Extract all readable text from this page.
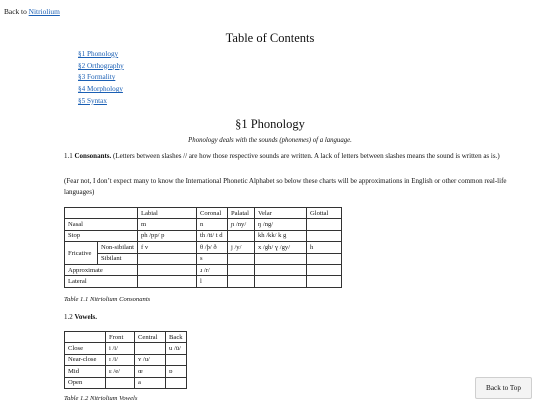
Back to Nitriolium
Table of Contents
§1 Phonology
§2 Orthography
§3 Formality
§4 Morphology
§5 Syntax
§1 Phonology
Phonology deals with the sounds (phonemes) of a language.
1.1 Consonants. (Letters between slashes // are how those respective sounds are written. A lack of letters between slashes means the sound is written as is.)
(Fear not, I don’t expect many to know the International Phonetic Alphabet so below these charts will be approximations in English or other common real-life languages)
		Labial	Coronal	Palatal	Velar	Glottal
Nasal		m	n	ɲ /ny/	ŋ /ng/	
Stop		ph /pp/ p	th /tt/ t d		kh /kk/ k g	
Fricative	Non-sibilant	f v	θ /þ/ ð	j /y/	x /gh/ ɣ /gy/	h
	Sibilant		s			
Approximate			ɹ /r/			
Lateral			l			
Table 1.1 Nitriolium Consonants
1.2 Vowels.
	Front	Central	Back
Close	i /i/		u /ū/
Near-close	ɪ /i/	ʏ /u/	
Mid	ɛ /e/	œ	ɒ
Open		a	
Table 1.2 Nitriolium Vowels
Back to Top
